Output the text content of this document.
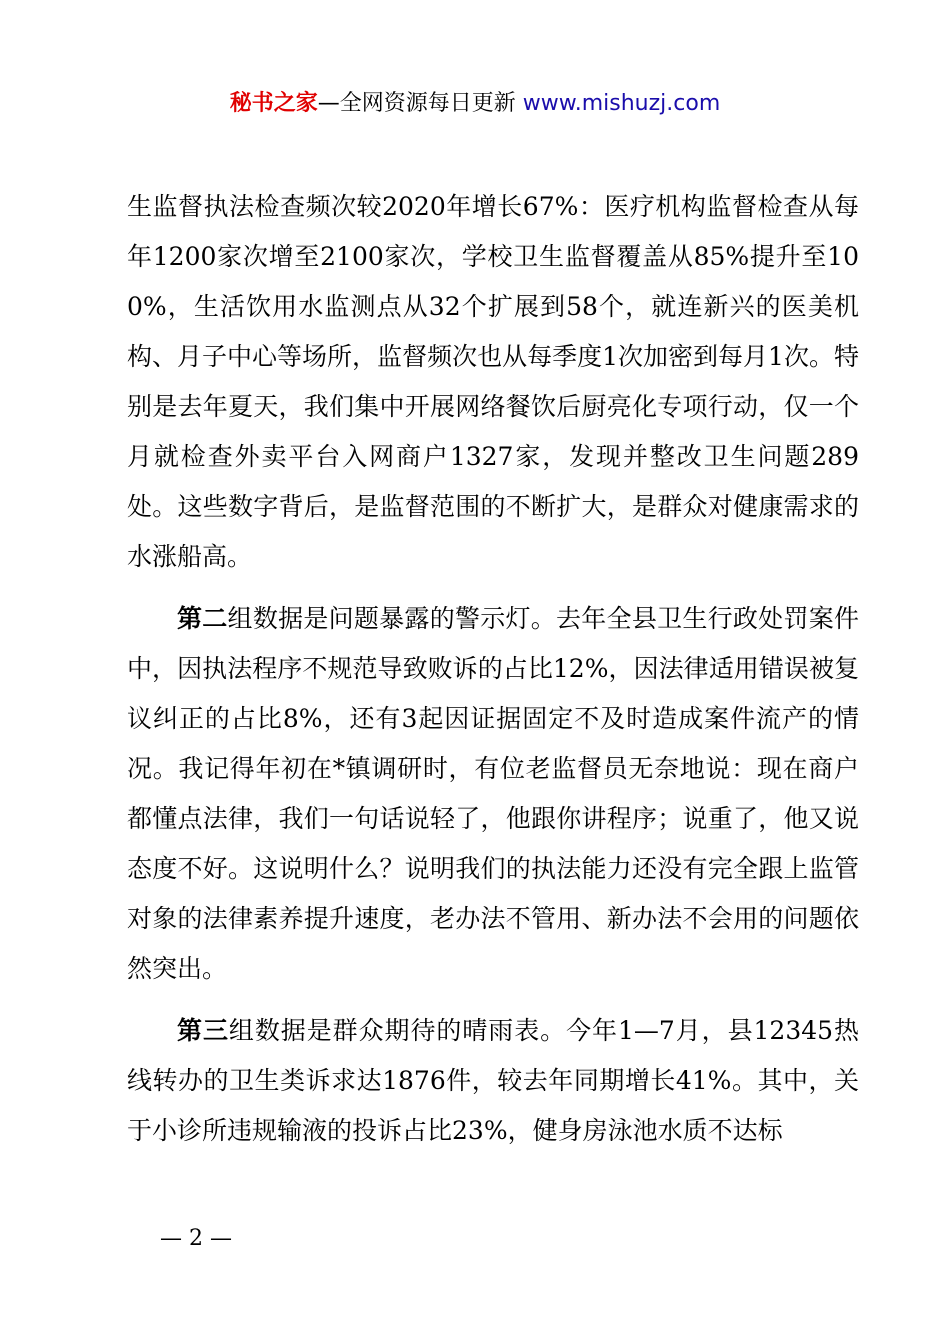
秘书之家—全网资源每日更新 www.mishuzj.com

生监督执法检查频次较2020年增长67%：医疗机构监督检查从每年1200家次增至2100家次，学校卫生监督覆盖从85%提升至100%，生活饮用水监测点从32个扩展到58个，就连新兴的医美机构、月子中心等场所，监督频次也从每季度1次加密到每月1次。特别是去年夏天，我们集中开展网络餐饮后厨亮化专项行动，仅一个月就检查外卖平台入网商户1327家，发现并整改卫生问题289处。这些数字背后，是监督范围的不断扩大，是群众对健康需求的水涨船高。

第二组数据是问题暴露的警示灯。去年全县卫生行政处罚案件中，因执法程序不规范导致败诉的占比12%，因法律适用错误被复议纠正的占比8%，还有3起因证据固定不及时造成案件流产的情况。我记得年初在*镇调研时，有位老监督员无奈地说：现在商户都懂点法律，我们一句话说轻了，他跟你讲程序；说重了，他又说态度不好。这说明什么？说明我们的执法能力还没有完全跟上监管对象的法律素养提升速度，老办法不管用、新办法不会用的问题依然突出。

第三组数据是群众期待的晴雨表。今年1—7月，县12345热线转办的卫生类诉求达1876件，较去年同期增长41%。其中，关于小诊所违规输液的投诉占比23%，健身房泳池水质不达标

— 2 —
